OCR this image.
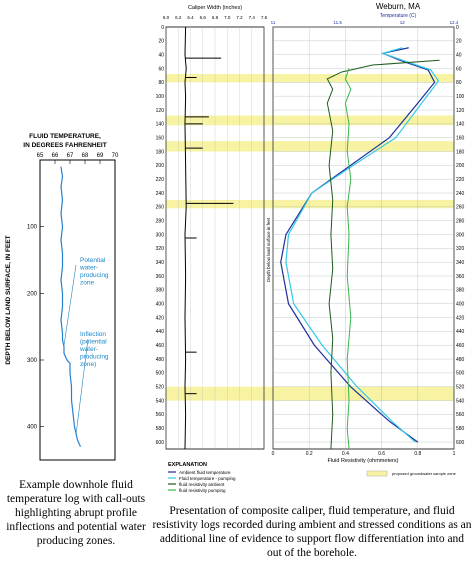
FLUID TEMPERATURE,
IN DEGREES FAHRENHEIT
DEPTH BELOW LAND SURFACE, IN FEET
65 66 67 68 69 70
100
200
300
400
Potential
water-
producing
zone
Inflection
(potential
water-
producing
zone)
Weburn, MA
Caliper Width (inches)
Temperature (C)
0	0
20	20
40	40
60	60
80	80
100	100
120	120
140	140
160	160
180	180
200	200
220	220
240	240
260	260
280	280
300	300
320	320
340	340
360	360
380	380
400	400
420	420
440	440
460	460
480	480
500	500
520	520
540	540
560	560
580	580
600	600
6.0 6.2 6.4 6.6 6.8 7.0 7.2 7.4 7.6
11	11.5	12	12.4
0	0.2	0.4	0.6	0.8	1
Depth below land surface in feet
Fluid Resistivity (ohmmeters)
EXPLANATION
Ambient fluid temperature
Fluid temperature - pumping
fluid resistivity ambient
fluid resistivity pumping
proposed groundwater sample zone
Example downhole fluid temperature log with call-outs highlighting abrupt profile inflections and potential water producing zones.
Presentation of composite caliper, fluid temperature, and fluid resistivity logs recorded during ambient and stressed conditions as an additional line of evidence to support flow differentiation into and out of the borehole.
